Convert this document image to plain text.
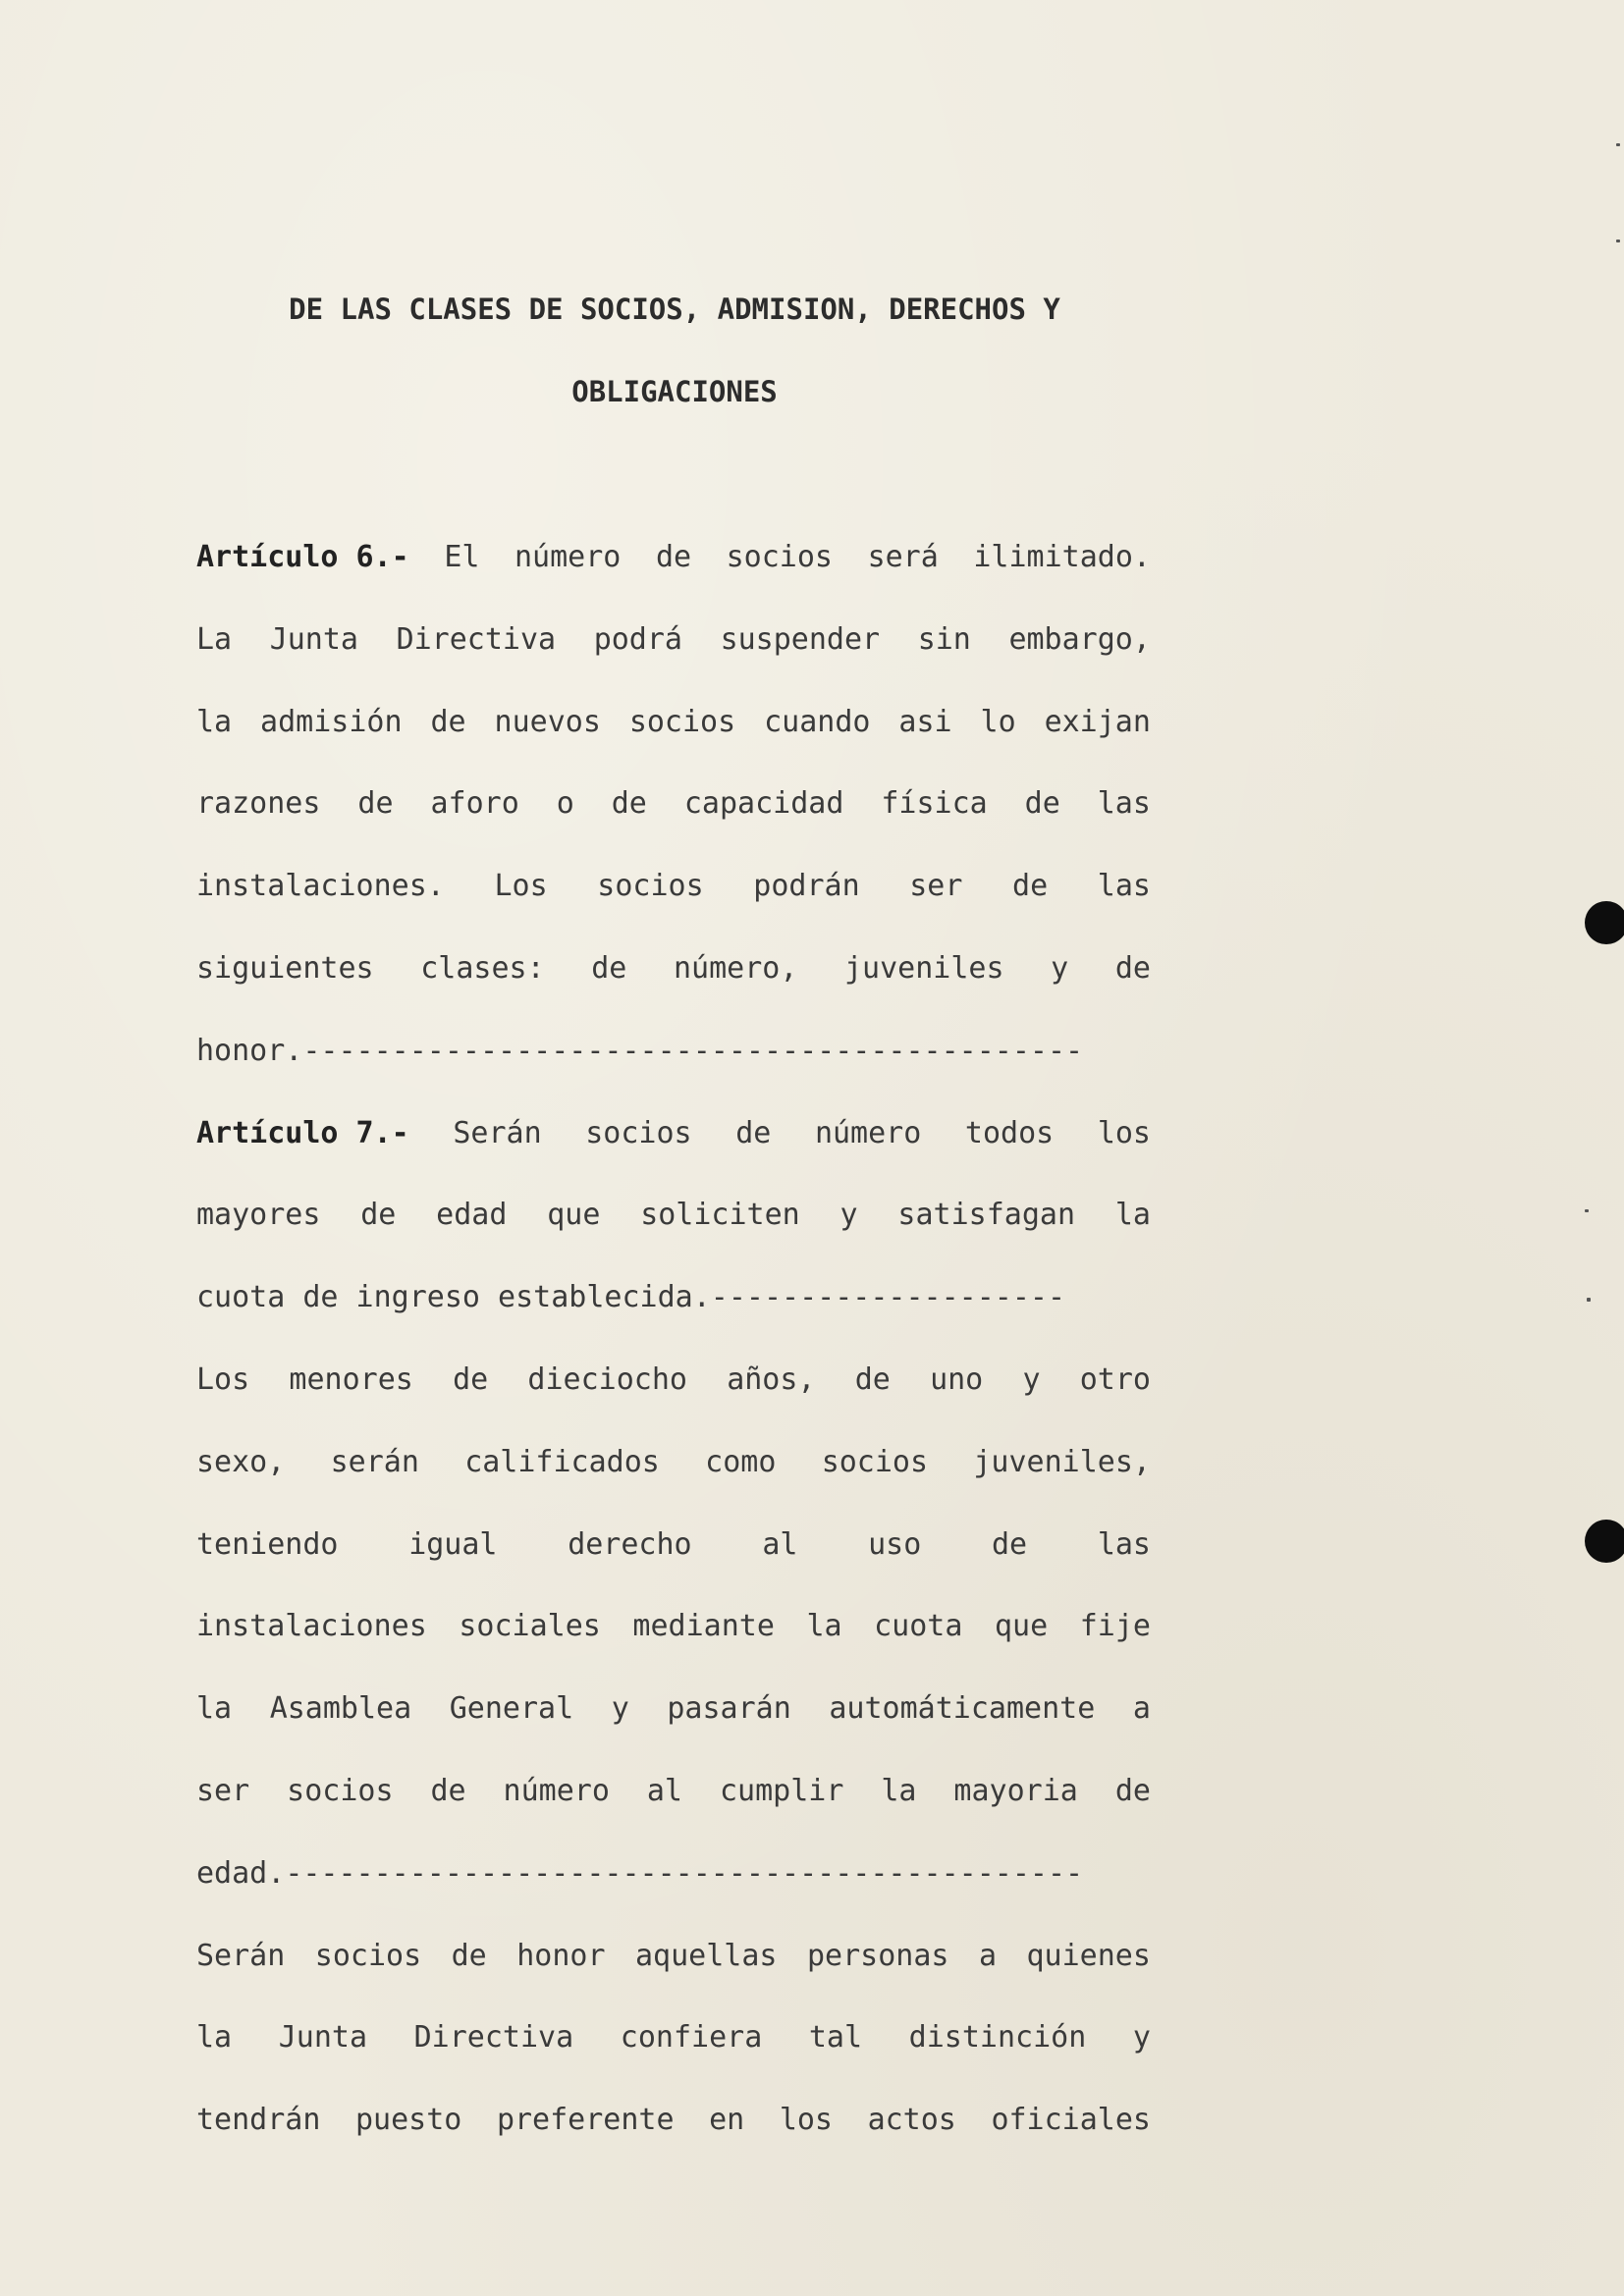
DE LAS CLASES DE SOCIOS, ADMISION, DERECHOS Y
OBLIGACIONES
Artículo 6.- El número de socios será ilimitado.
La Junta Directiva podrá suspender sin embargo,
la admisión de nuevos socios cuando asi lo exijan
razones de aforo o de capacidad física de las
instalaciones. Los socios podrán ser de las
siguientes clases: de número, juveniles y de
honor. --------------------------------------------
Artículo 7.- Serán socios de número todos los
mayores de edad que soliciten y satisfagan la
cuota de ingreso establecida. --------------------
Los menores de dieciocho años, de uno y otro
sexo, serán calificados como socios juveniles,
teniendo igual derecho al uso de las
instalaciones sociales mediante la cuota que fije
la Asamblea General y pasarán automáticamente a
ser socios de número al cumplir la mayoria de
edad. ---------------------------------------------
Serán socios de honor aquellas personas a quienes
la Junta Directiva confiera tal distinción y
tendrán puesto preferente en los actos oficiales
